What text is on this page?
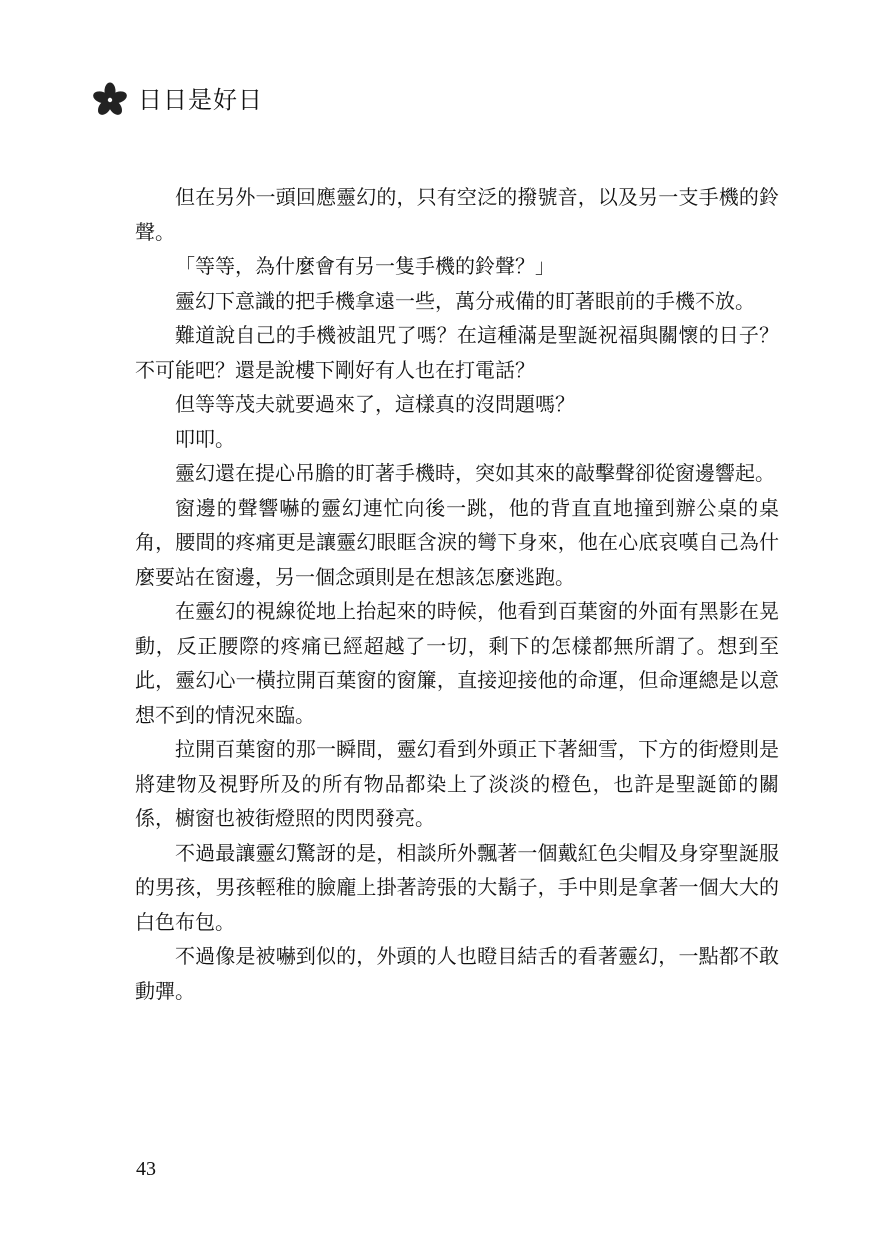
日日是好日

但在另外一頭回應靈幻的，只有空泛的撥號音，以及另一支手機的鈴聲。

「等等，為什麼會有另一隻手機的鈴聲？」

靈幻下意識的把手機拿遠一些，萬分戒備的盯著眼前的手機不放。

難道說自己的手機被詛咒了嗎？在這種滿是聖誕祝福與關懷的日子？不可能吧？還是說樓下剛好有人也在打電話？

但等等茂夫就要過來了，這樣真的沒問題嗎？

叩叩。

靈幻還在提心吊膽的盯著手機時，突如其來的敲擊聲卻從窗邊響起。

窗邊的聲響嚇的靈幻連忙向後一跳，他的背直直地撞到辦公桌的桌角，腰間的疼痛更是讓靈幻眼眶含淚的彎下身來，他在心底哀嘆自己為什麼要站在窗邊，另一個念頭則是在想該怎麼逃跑。

在靈幻的視線從地上抬起來的時候，他看到百葉窗的外面有黑影在晃動，反正腰際的疼痛已經超越了一切，剩下的怎樣都無所謂了。想到至此，靈幻心一橫拉開百葉窗的窗簾，直接迎接他的命運，但命運總是以意想不到的情況來臨。

拉開百葉窗的那一瞬間，靈幻看到外頭正下著細雪，下方的街燈則是將建物及視野所及的所有物品都染上了淡淡的橙色，也許是聖誕節的關係，櫥窗也被街燈照的閃閃發亮。

不過最讓靈幻驚訝的是，相談所外飄著一個戴紅色尖帽及身穿聖誕服的男孩，男孩輕稚的臉龐上掛著誇張的大鬍子，手中則是拿著一個大大的白色布包。

不過像是被嚇到似的，外頭的人也瞪目結舌的看著靈幻，一點都不敢動彈。

43
